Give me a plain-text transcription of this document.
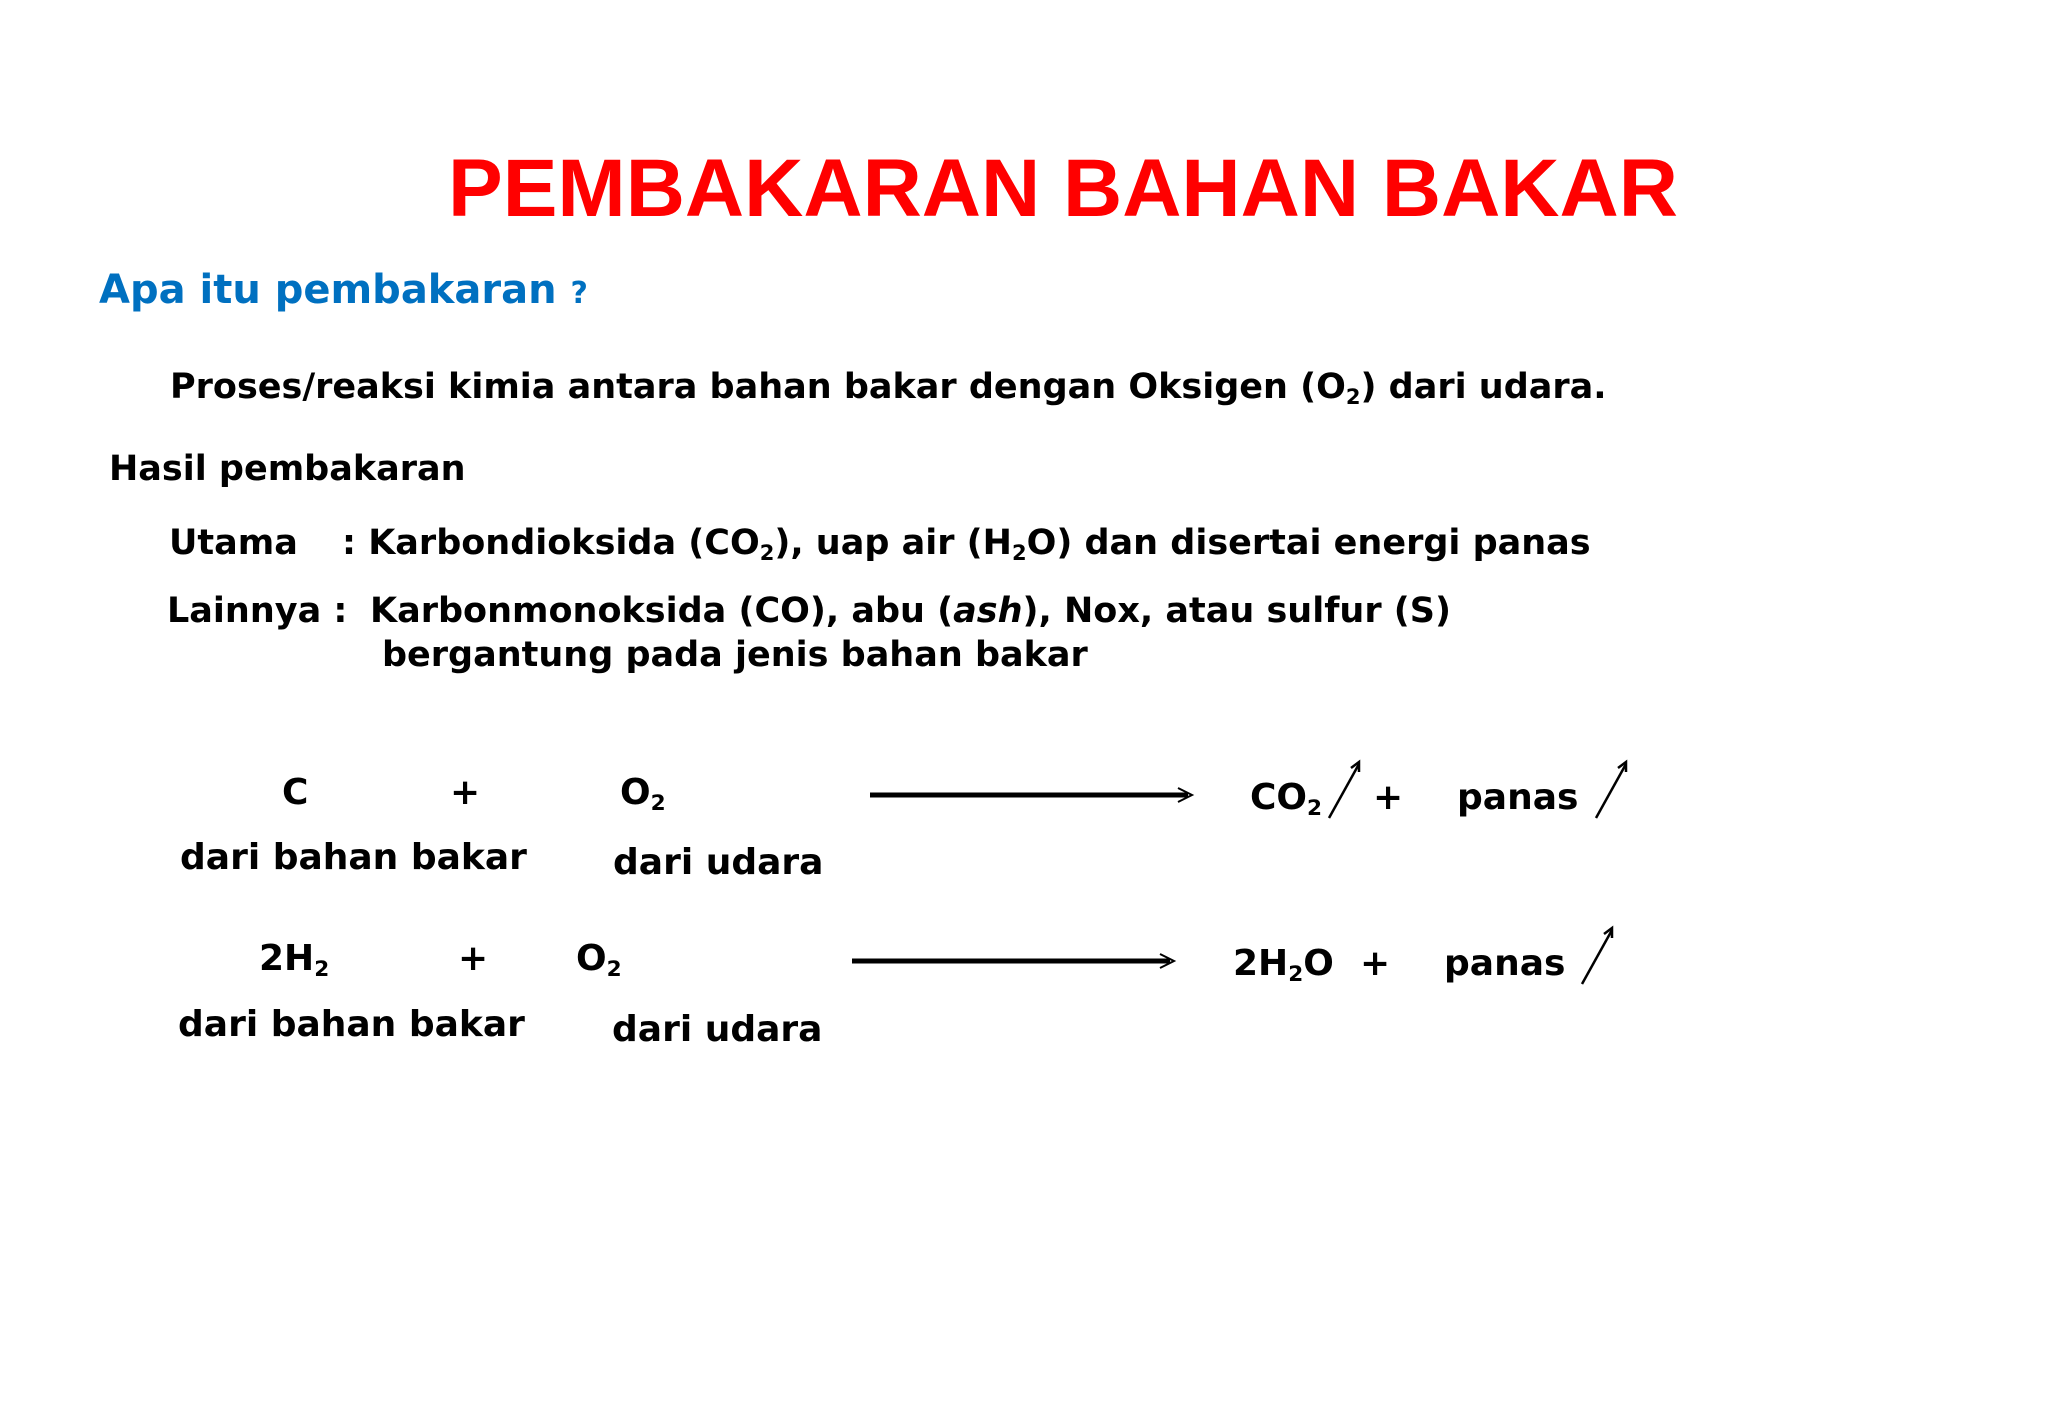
PEMBAKARAN BAHAN BAKAR
Apa itu pembakaran ?
Proses/reaksi kimia antara bahan bakar dengan Oksigen $(O_2)$ dari udara.
Hasil pembakaran
Utama : Karbondioksida $(CO_2)$, uap air $(H_2O)$ dan disertai energi panas
Lainnya : Karbonmonoksida (CO), abu (ash), Nox, atau sulfur (S)
bergantung pada jenis bahan bakar
C	+	$O_2$
dari bahan bakar dari udara
$CO_2$ + panas
$2H_2$	+ $O_2$
dari bahan bakar dari udara
$2H_2O$ + panas
